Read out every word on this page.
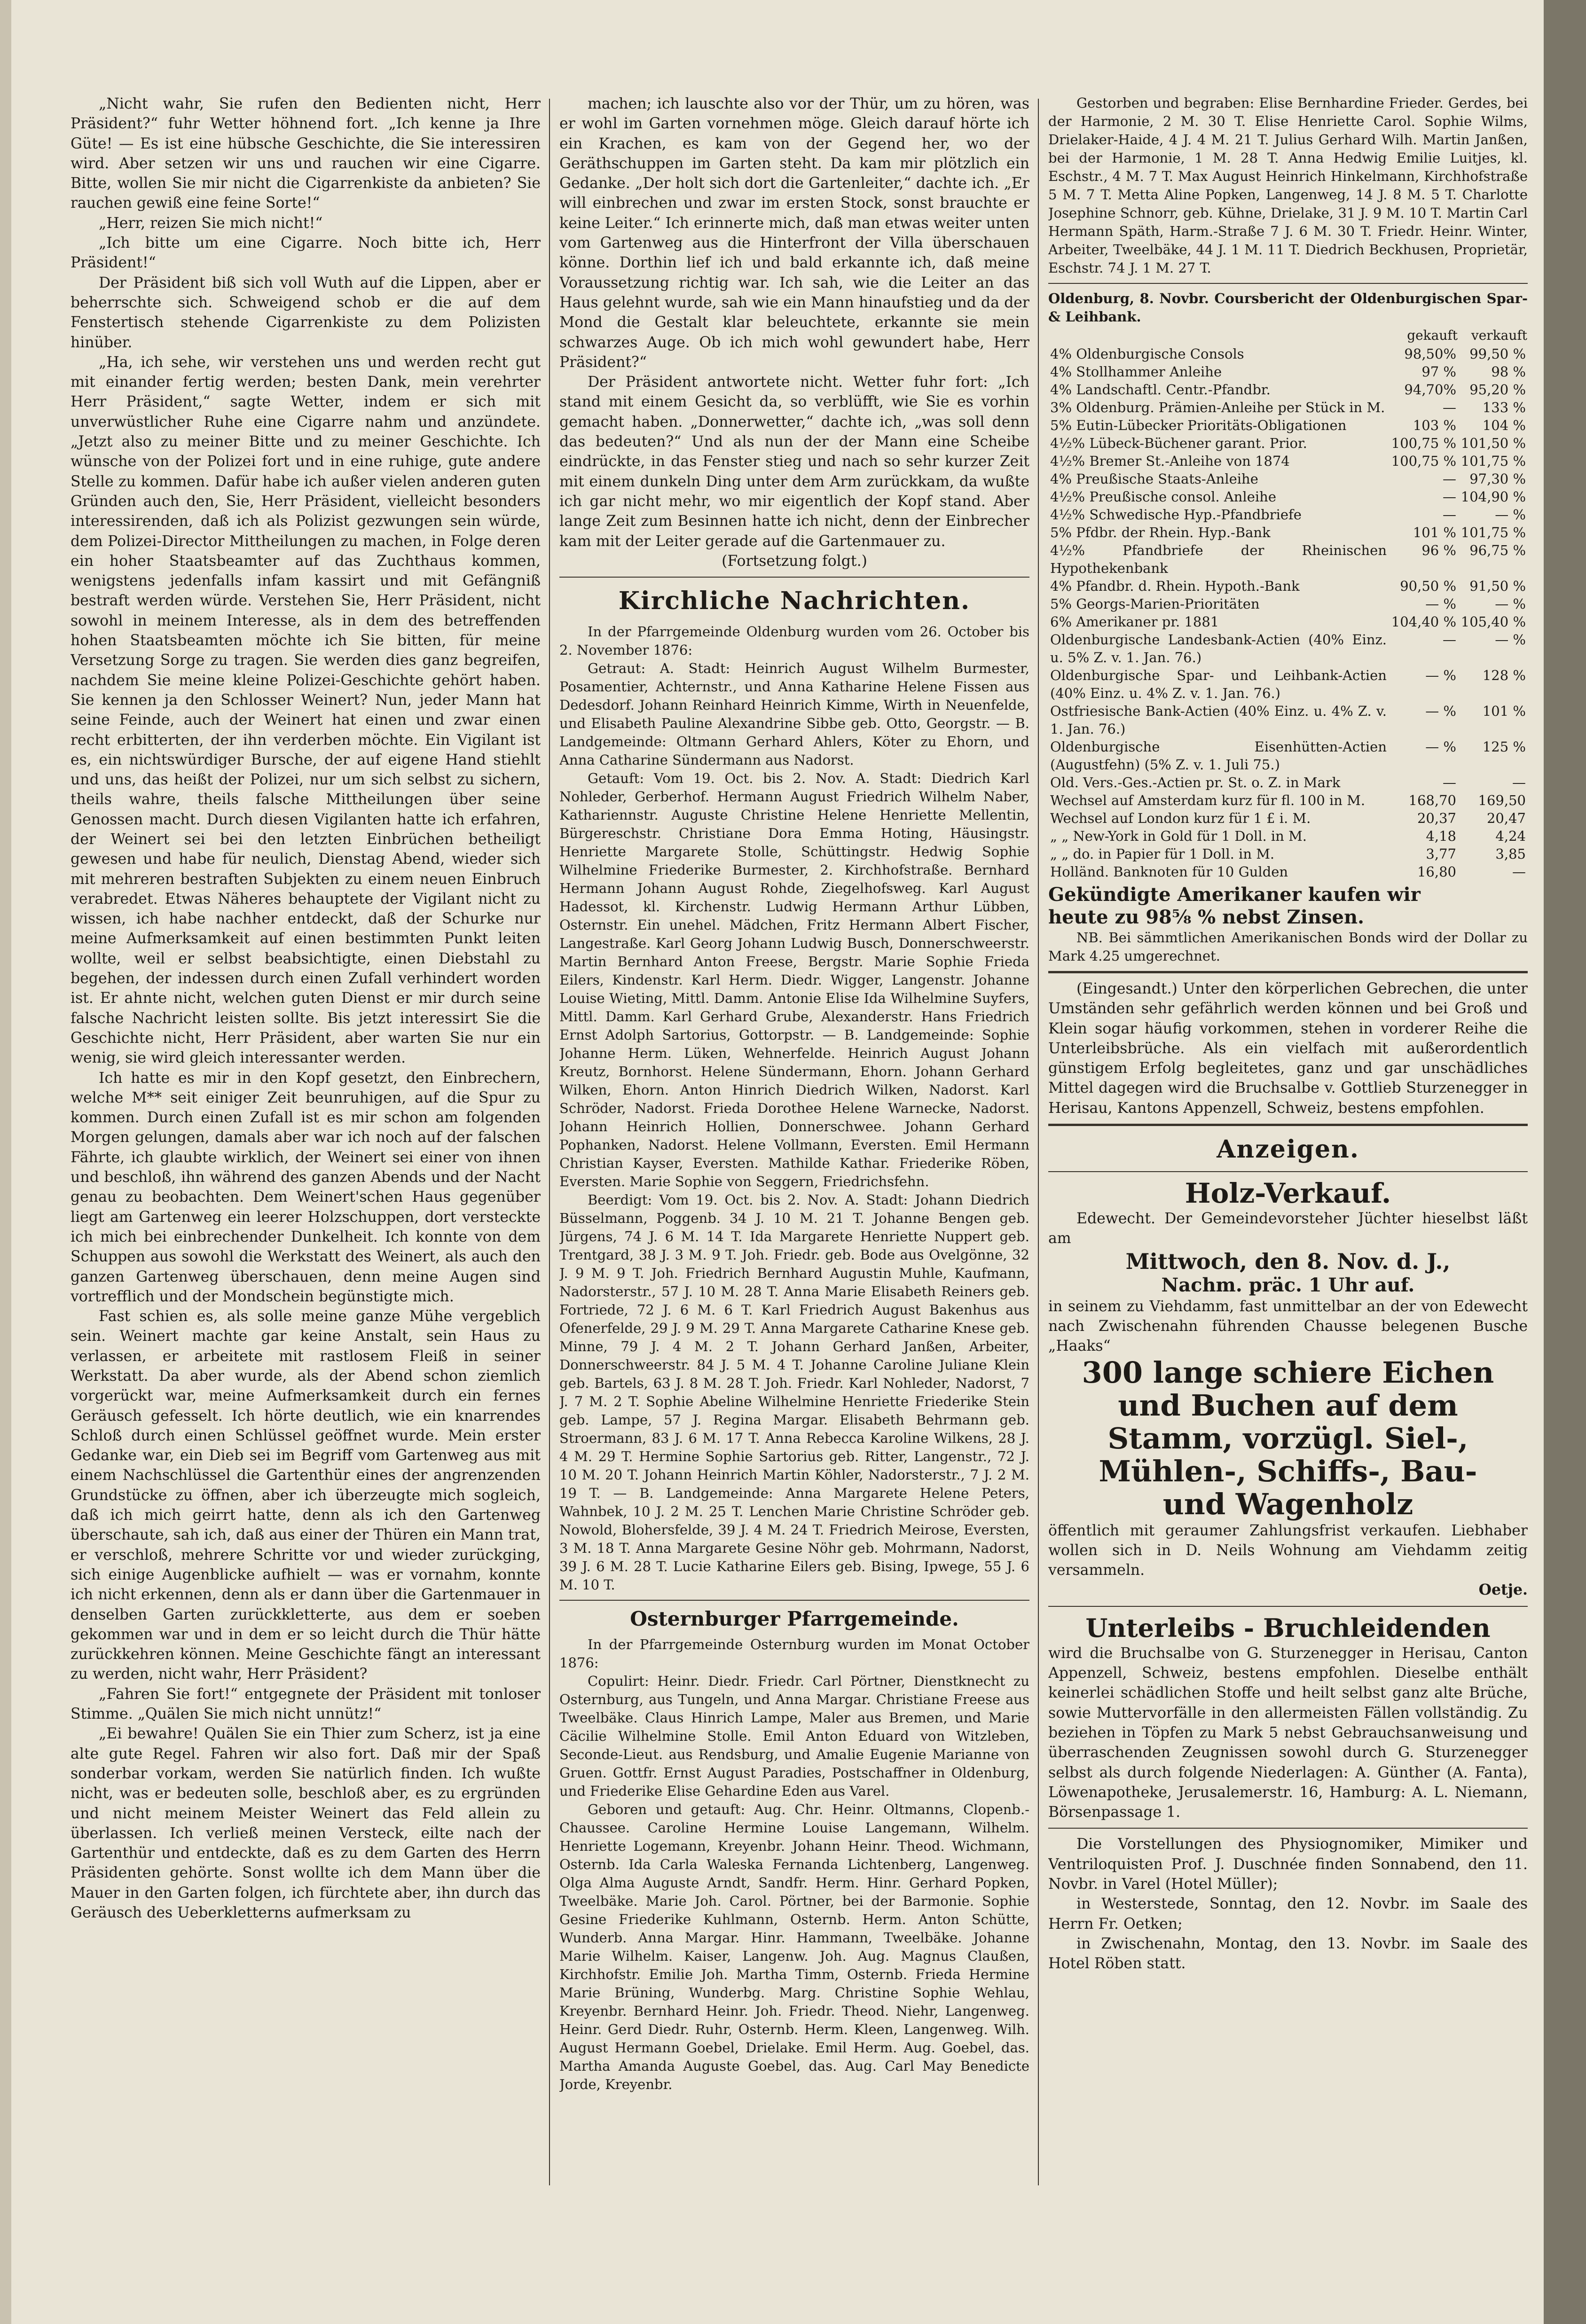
„Nicht wahr, Sie rufen den Bedienten nicht, Herr Präsident?“ fuhr Wetter höhnend fort. „Ich kenne ja Ihre Güte! — Es ist eine hübsche Geschichte, die Sie interessiren wird. Aber setzen wir uns und rauchen wir eine Cigarre. Bitte, wollen Sie mir nicht die Cigarrenkiste da anbieten? Sie rauchen gewiß eine feine Sorte!“

„Herr, reizen Sie mich nicht!“

„Ich bitte um eine Cigarre. Noch bitte ich, Herr Präsident!“

Der Präsident biß sich voll Wuth auf die Lippen, aber er beherrschte sich. Schweigend schob er die auf dem Fenstertisch stehende Cigarrenkiste zu dem Polizisten hinüber.

„Ha, ich sehe, wir verstehen uns und werden recht gut mit einander fertig werden; besten Dank, mein verehrter Herr Präsident,“ sagte Wetter, indem er sich mit unverwüstlicher Ruhe eine Cigarre nahm und anzündete. „Jetzt also zu meiner Bitte und zu meiner Geschichte. Ich wünsche von der Polizei fort und in eine ruhige, gute andere Stelle zu kommen. Dafür habe ich außer vielen anderen guten Gründen auch den, Sie, Herr Präsident, vielleicht besonders interessirenden, daß ich als Polizist gezwungen sein würde, dem Polizei-Director Mittheilungen zu machen, in Folge deren ein hoher Staatsbeamter auf das Zuchthaus kommen, wenigstens jedenfalls infam kassirt und mit Gefängniß bestraft werden würde. Verstehen Sie, Herr Präsident, nicht sowohl in meinem Interesse, als in dem des betreffenden hohen Staatsbeamten möchte ich Sie bitten, für meine Versetzung Sorge zu tragen. Sie werden dies ganz begreifen, nachdem Sie meine kleine Polizei-Geschichte gehört haben. Sie kennen ja den Schlosser Weinert? Nun, jeder Mann hat seine Feinde, auch der Weinert hat einen und zwar einen recht erbitterten, der ihn verderben möchte. Ein Vigilant ist es, ein nichtswürdiger Bursche, der auf eigene Hand stiehlt und uns, das heißt der Polizei, nur um sich selbst zu sichern, theils wahre, theils falsche Mittheilungen über seine Genossen macht. Durch diesen Vigilanten hatte ich erfahren, der Weinert sei bei den letzten Einbrüchen betheiligt gewesen und habe für neulich, Dienstag Abend, wieder sich mit mehreren bestraften Subjekten zu einem neuen Einbruch verabredet. Etwas Näheres behauptete der Vigilant nicht zu wissen, ich habe nachher entdeckt, daß der Schurke nur meine Aufmerksamkeit auf einen bestimmten Punkt leiten wollte, weil er selbst beabsichtigte, einen Diebstahl zu begehen, der indessen durch einen Zufall verhindert worden ist. Er ahnte nicht, welchen guten Dienst er mir durch seine falsche Nachricht leisten sollte. Bis jetzt interessirt Sie die Geschichte nicht, Herr Präsident, aber warten Sie nur ein wenig, sie wird gleich interessanter werden.

Ich hatte es mir in den Kopf gesetzt, den Einbrechern, welche M** seit einiger Zeit beunruhigen, auf die Spur zu kommen. Durch einen Zufall ist es mir schon am folgenden Morgen gelungen, damals aber war ich noch auf der falschen Fährte, ich glaubte wirklich, der Weinert sei einer von ihnen und beschloß, ihn während des ganzen Abends und der Nacht genau zu beobachten. Dem Weinert'schen Haus gegenüber liegt am Gartenweg ein leerer Holzschuppen, dort versteckte ich mich bei einbrechender Dunkelheit. Ich konnte von dem Schuppen aus sowohl die Werkstatt des Weinert, als auch den ganzen Gartenweg überschauen, denn meine Augen sind vortrefflich und der Mondschein begünstigte mich.

Fast schien es, als solle meine ganze Mühe vergeblich sein. Weinert machte gar keine Anstalt, sein Haus zu verlassen, er arbeitete mit rastlosem Fleiß in seiner Werkstatt. Da aber wurde, als der Abend schon ziemlich vorgerückt war, meine Aufmerksamkeit durch ein fernes Geräusch gefesselt. Ich hörte deutlich, wie ein knarrendes Schloß durch einen Schlüssel geöffnet wurde. Mein erster Gedanke war, ein Dieb sei im Begriff vom Gartenweg aus mit einem Nachschlüssel die Gartenthür eines der angrenzenden Grundstücke zu öffnen, aber ich überzeugte mich sogleich, daß ich mich geirrt hatte, denn als ich den Gartenweg überschaute, sah ich, daß aus einer der Thüren ein Mann trat, er verschloß, mehrere Schritte vor und wieder zurückging, sich einige Augenblicke aufhielt — was er vornahm, konnte ich nicht erkennen, denn als er dann über die Gartenmauer in denselben Garten zurückkletterte, aus dem er soeben gekommen war und in dem er so leicht durch die Thür hätte zurückkehren können. Meine Geschichte fängt an interessant zu werden, nicht wahr, Herr Präsident?

„Fahren Sie fort!“ entgegnete der Präsident mit tonloser Stimme. „Quälen Sie mich nicht unnütz!“

„Ei bewahre! Quälen Sie ein Thier zum Scherz, ist ja eine alte gute Regel. Fahren wir also fort. Daß mir der Spaß sonderbar vorkam, werden Sie natürlich finden. Ich wußte nicht, was er bedeuten solle, beschloß aber, es zu ergründen und nicht meinem Meister Weinert das Feld allein zu überlassen. Ich verließ meinen Versteck, eilte nach der Gartenthür und entdeckte, daß es zu dem Garten des Herrn Präsidenten gehörte. Sonst wollte ich dem Mann über die Mauer in den Garten folgen, ich fürchtete aber, ihn durch das Geräusch des Ueberkletterns aufmerksam zu

machen; ich lauschte also vor der Thür, um zu hören, was er wohl im Garten vornehmen möge. Gleich darauf hörte ich ein Krachen, es kam von der Gegend her, wo der Geräthschuppen im Garten steht. Da kam mir plötzlich ein Gedanke. „Der holt sich dort die Gartenleiter,“ dachte ich. „Er will einbrechen und zwar im ersten Stock, sonst brauchte er keine Leiter.“ Ich erinnerte mich, daß man etwas weiter unten vom Gartenweg aus die Hinterfront der Villa überschauen könne. Dorthin lief ich und bald erkannte ich, daß meine Voraussetzung richtig war. Ich sah, wie die Leiter an das Haus gelehnt wurde, sah wie ein Mann hinaufstieg und da der Mond die Gestalt klar beleuchtete, erkannte sie mein schwarzes Auge. Ob ich mich wohl gewundert habe, Herr Präsident?“

Der Präsident antwortete nicht. Wetter fuhr fort: „Ich stand mit einem Gesicht da, so verblüfft, wie Sie es vorhin gemacht haben. „Donnerwetter,“ dachte ich, „was soll denn das bedeuten?“ Und als nun der der Mann eine Scheibe eindrückte, in das Fenster stieg und nach so sehr kurzer Zeit mit einem dunkeln Ding unter dem Arm zurückkam, da wußte ich gar nicht mehr, wo mir eigentlich der Kopf stand. Aber lange Zeit zum Besinnen hatte ich nicht, denn der Einbrecher kam mit der Leiter gerade auf die Gartenmauer zu.

(Fortsetzung folgt.)

Kirchliche Nachrichten.

In der Pfarrgemeinde Oldenburg wurden vom 26. October bis 2. November 1876:

Getraut: A. Stadt: Heinrich August Wilhelm Burmester, Posamentier, Achternstr., und Anna Katharine Helene Fissen aus Dedesdorf. Johann Reinhard Heinrich Kimme, Wirth in Neuenfelde, und Elisabeth Pauline Alexandrine Sibbe geb. Otto, Georgstr. — B. Landgemeinde: Oltmann Gerhard Ahlers, Köter zu Ehorn, und Anna Catharine Sündermann aus Nadorst.

Getauft: Vom 19. Oct. bis 2. Nov. A. Stadt: Diedrich Karl Nohleder, Gerberhof. Hermann August Friedrich Wilhelm Naber, Kathariennstr. Auguste Christine Helene Henriette Mellentin, Bürgereschstr. Christiane Dora Emma Hoting, Häusingstr. Henriette Margarete Stolle, Schüttingstr. Hedwig Sophie Wilhelmine Friederike Burmester, 2. Kirchhofstraße. Bernhard Hermann Johann August Rohde, Ziegelhofsweg. Karl August Hadessot, kl. Kirchenstr. Ludwig Hermann Arthur Lübben, Osternstr. Ein unehel. Mädchen, Fritz Hermann Albert Fischer, Langestraße. Karl Georg Johann Ludwig Busch, Donnerschweerstr. Martin Bernhard Anton Freese, Bergstr. Marie Sophie Frieda Eilers, Kindenstr. Karl Herm. Diedr. Wigger, Langenstr. Johanne Louise Wieting, Mittl. Damm. Antonie Elise Ida Wilhelmine Suyfers, Mittl. Damm. Karl Gerhard Grube, Alexanderstr. Hans Friedrich Ernst Adolph Sartorius, Gottorpstr. — B. Landgemeinde: Sophie Johanne Herm. Lüken, Wehnerfelde. Heinrich August Johann Kreutz, Bornhorst. Helene Sündermann, Ehorn. Johann Gerhard Wilken, Ehorn. Anton Hinrich Diedrich Wilken, Nadorst. Karl Schröder, Nadorst. Frieda Dorothee Helene Warnecke, Nadorst. Johann Heinrich Hollien, Donnerschwee. Johann Gerhard Pophanken, Nadorst. Helene Vollmann, Eversten. Emil Hermann Christian Kayser, Eversten. Mathilde Kathar. Friederike Röben, Eversten. Marie Sophie von Seggern, Friedrichsfehn.

Beerdigt: Vom 19. Oct. bis 2. Nov. A. Stadt: Johann Diedrich Büsselmann, Poggenb. 34 J. 10 M. 21 T. Johanne Bengen geb. Jürgens, 74 J. 6 M. 14 T. Ida Margarete Henriette Nuppert geb. Trentgard, 38 J. 3 M. 9 T. Joh. Friedr. geb. Bode aus Ovelgönne, 32 J. 9 M. 9 T. Joh. Friedrich Bernhard Augustin Muhle, Kaufmann, Nadorsterstr., 57 J. 10 M. 28 T. Anna Marie Elisabeth Reiners geb. Fortriede, 72 J. 6 M. 6 T. Karl Friedrich August Bakenhus aus Ofenerfelde, 29 J. 9 M. 29 T. Anna Margarete Catharine Knese geb. Minne, 79 J. 4 M. 2 T. Johann Gerhard Janßen, Arbeiter, Donnerschweerstr. 84 J. 5 M. 4 T. Johanne Caroline Juliane Klein geb. Bartels, 63 J. 8 M. 28 T. Joh. Friedr. Karl Nohleder, Nadorst, 7 J. 7 M. 2 T. Sophie Abeline Wilhelmine Henriette Friederike Stein geb. Lampe, 57 J. Regina Margar. Elisabeth Behrmann geb. Stroermann, 83 J. 6 M. 17 T. Anna Rebecca Karoline Wilkens, 28 J. 4 M. 29 T. Hermine Sophie Sartorius geb. Ritter, Langenstr., 72 J. 10 M. 20 T. Johann Heinrich Martin Köhler, Nadorsterstr., 7 J. 2 M. 19 T. — B. Landgemeinde: Anna Margarete Helene Peters, Wahnbek, 10 J. 2 M. 25 T. Lenchen Marie Christine Schröder geb. Nowold, Blohersfelde, 39 J. 4 M. 24 T. Friedrich Meirose, Eversten, 3 M. 18 T. Anna Margarete Gesine Nöhr geb. Mohrmann, Nadorst, 39 J. 6 M. 28 T. Lucie Katharine Eilers geb. Bising, Ipwege, 55 J. 6 M. 10 T.

Osternburger Pfarrgemeinde.

In der Pfarrgemeinde Osternburg wurden im Monat October 1876:

Copulirt: Heinr. Diedr. Friedr. Carl Pörtner, Dienstknecht zu Osternburg, aus Tungeln, und Anna Margar. Christiane Freese aus Tweelbäke. Claus Hinrich Lampe, Maler aus Bremen, und Marie Cäcilie Wilhelmine Stolle. Emil Anton Eduard von Witzleben, Seconde-Lieut. aus Rendsburg, und Amalie Eugenie Marianne von Gruen. Gottfr. Ernst August Paradies, Postschaffner in Oldenburg, und Friederike Elise Gehardine Eden aus Varel.

Geboren und getauft: Aug. Chr. Heinr. Oltmanns, Clopenb.-Chaussee. Caroline Hermine Louise Langemann, Wilhelm. Henriette Logemann, Kreyenbr. Johann Heinr. Theod. Wichmann, Osternb. Ida Carla Waleska Fernanda Lichtenberg, Langenweg. Olga Alma Auguste Arndt, Sandfr. Herm. Hinr. Gerhard Popken, Tweelbäke. Marie Joh. Carol. Pörtner, bei der Barmonie. Sophie Gesine Friederike Kuhlmann, Osternb. Herm. Anton Schütte, Wunderb. Anna Margar. Hinr. Hammann, Tweelbäke. Johanne Marie Wilhelm. Kaiser, Langenw. Joh. Aug. Magnus Claußen, Kirchhofstr. Emilie Joh. Martha Timm, Osternb. Frieda Hermine Marie Brüning, Wunderbg. Marg. Christine Sophie Wehlau, Kreyenbr. Bernhard Heinr. Joh. Friedr. Theod. Niehr, Langenweg. Heinr. Gerd Diedr. Ruhr, Osternb. Herm. Kleen, Langenweg. Wilh. August Hermann Goebel, Drielake. Emil Herm. Aug. Goebel, das. Martha Amanda Auguste Goebel, das. Aug. Carl May Benedicte Jorde, Kreyenbr.

Gestorben und begraben: Elise Bernhardine Frieder. Gerdes, bei der Harmonie, 2 M. 30 T. Elise Henriette Carol. Sophie Wilms, Drielaker-Haide, 4 J. 4 M. 21 T. Julius Gerhard Wilh. Martin Janßen, bei der Harmonie, 1 M. 28 T. Anna Hedwig Emilie Luitjes, kl. Eschstr., 4 M. 7 T. Max August Heinrich Hinkelmann, Kirchhofstraße 5 M. 7 T. Metta Aline Popken, Langenweg, 14 J. 8 M. 5 T. Charlotte Josephine Schnorr, geb. Kühne, Drielake, 31 J. 9 M. 10 T. Martin Carl Hermann Späth, Harm.-Straße 7 J. 6 M. 30 T. Friedr. Heinr. Winter, Arbeiter, Tweelbäke, 44 J. 1 M. 11 T. Diedrich Beckhusen, Proprietär, Eschstr. 74 J. 1 M. 27 T.

Oldenburg, 8. Novbr. Coursbericht der Oldenburgischen Spar- & Leihbank.

	gekauft	verkauft
4% Oldenburgische Consols	98,50%	99,50 %
4% Stollhammer Anleihe	97 %	98 %
4% Landschaftl. Centr.-Pfandbr.	94,70%	95,20 %
3% Oldenburg. Prämien-Anleihe per Stück in M.	—	133 %
5% Eutin-Lübecker Prioritäts-Obligationen	103 %	104 %
4½% Lübeck-Büchener garant. Prior.	100,75 %	101,50 %
4½% Bremer St.-Anleihe von 1874	100,75 %	101,75 %
4% Preußische Staats-Anleihe	—	97,30 %
4½% Preußische consol. Anleihe	—	104,90 %
4½% Schwedische Hyp.-Pfandbriefe	—	— %
5% Pfdbr. der Rhein. Hyp.-Bank	101 %	101,75 %
4½% Pfandbriefe der Rheinischen Hypothekenbank	96 %	96,75 %
4% Pfandbr. d. Rhein. Hypoth.-Bank	90,50 %	91,50 %
5% Georgs-Marien-Prioritäten	— %	— %
6% Amerikaner pr. 1881	104,40 %	105,40 %
Oldenburgische Landesbank-Actien (40% Einz. u. 5% Z. v. 1. Jan. 76.)	—	— %
Oldenburgische Spar- und Leihbank-Actien (40% Einz. u. 4% Z. v. 1. Jan. 76.)	— %	128 %
Ostfriesische Bank-Actien (40% Einz. u. 4% Z. v. 1. Jan. 76.)	— %	101 %
Oldenburgische Eisenhütten-Actien (Augustfehn) (5% Z. v. 1. Juli 75.)	— %	125 %
Old. Vers.-Ges.-Actien pr. St. o. Z. in Mark	—	—
Wechsel auf Amsterdam kurz für fl. 100 in M.	168,70	169,50
Wechsel auf London kurz für 1 £ i. M.	20,37	20,47
„ „ New-York in Gold für 1 Doll. in M.	4,18	4,24
„ „ do. in Papier für 1 Doll. in M.	3,77	3,85
Holländ. Banknoten für 10 Gulden	16,80	—

Gekündigte Amerikaner kaufen wir

heute zu 98⅝ % nebst Zinsen.

NB. Bei sämmtlichen Amerikanischen Bonds wird der Dollar zu Mark 4.25 umgerechnet.

(Eingesandt.) Unter den körperlichen Gebrechen, die unter Umständen sehr gefährlich werden können und bei Groß und Klein sogar häufig vorkommen, stehen in vorderer Reihe die Unterleibsbrüche. Als ein vielfach mit außerordentlich günstigem Erfolg begleitetes, ganz und gar unschädliches Mittel dagegen wird die Bruchsalbe v. Gottlieb Sturzenegger in Herisau, Kantons Appenzell, Schweiz, bestens empfohlen.

Anzeigen.

Holz-Verkauf.

Edewecht. Der Gemeindevorsteher Jüchter hieselbst läßt am

Mittwoch, den 8. Nov. d. J.,

Nachm. präc. 1 Uhr auf.

in seinem zu Viehdamm, fast unmittelbar an der von Edewecht nach Zwischenahn führenden Chausse belegenen Busche „Haaks“

300 lange schiere Eichen

und Buchen auf dem

Stamm, vorzügl. Siel-,

Mühlen-, Schiffs-, Bau-

und Wagenholz

öffentlich mit geraumer Zahlungsfrist verkaufen. Liebhaber wollen sich in D. Neils Wohnung am Viehdamm zeitig versammeln.

Oetje.

Unterleibs - Bruchleidenden

wird die Bruchsalbe von G. Sturzenegger in Herisau, Canton Appenzell, Schweiz, bestens empfohlen. Dieselbe enthält keinerlei schädlichen Stoffe und heilt selbst ganz alte Brüche, sowie Muttervorfälle in den allermeisten Fällen vollständig. Zu beziehen in Töpfen zu Mark 5 nebst Gebrauchsanweisung und überraschenden Zeugnissen sowohl durch G. Sturzenegger selbst als durch folgende Niederlagen: A. Günther (A. Fanta), Löwenapotheke, Jerusalemerstr. 16, Hamburg: A. L. Niemann, Börsenpassage 1.

Die Vorstellungen des Physiognomiker, Mimiker und Ventriloquisten Prof. J. Duschnée finden Sonnabend, den 11. Novbr. in Varel (Hotel Müller);

in Westerstede, Sonntag, den 12. Novbr. im Saale des Herrn Fr. Oetken;

in Zwischenahn, Montag, den 13. Novbr. im Saale des Hotel Röben statt.
